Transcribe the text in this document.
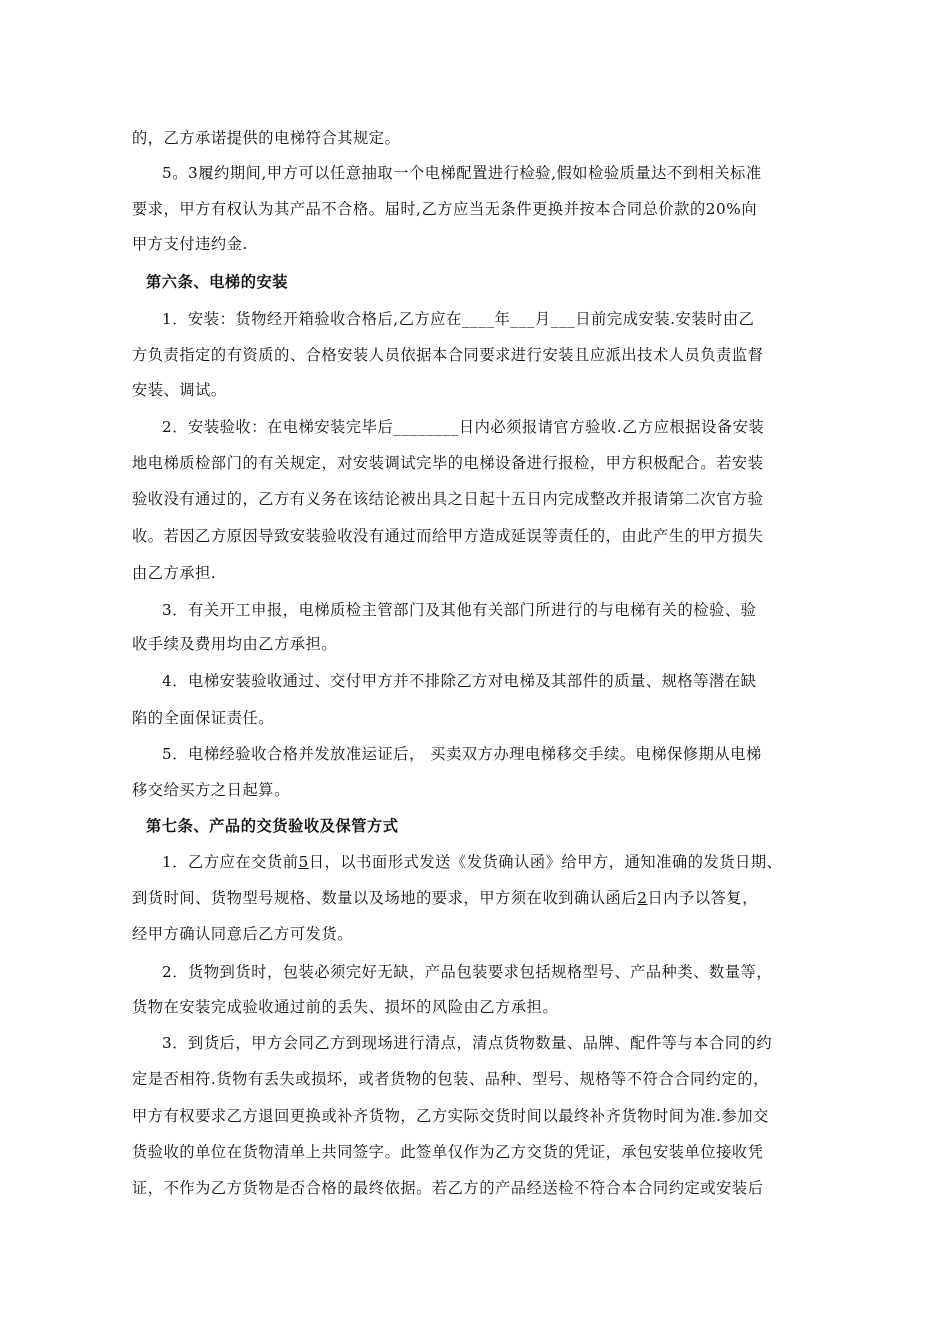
的，乙方承诺提供的电梯符合其规定。
5。3履约期间,甲方可以任意抽取一个电梯配置进行检验,假如检验质量达不到相关标准
要求，甲方有权认为其产品不合格。届时,乙方应当无条件更换并按本合同总价款的20%向
甲方支付违约金.
第六条、电梯的安装
1．安装：货物经开箱验收合格后,乙方应在____年___月___日前完成安装.安装时由乙
方负责指定的有资质的、合格安装人员依据本合同要求进行安装且应派出技术人员负责监督
安装、调试。
2．安装验收：在电梯安装完毕后________日内必须报请官方验收.乙方应根据设备安装
地电梯质检部门的有关规定，对安装调试完毕的电梯设备进行报检，甲方积极配合。若安装
验收没有通过的，乙方有义务在该结论被出具之日起十五日内完成整改并报请第二次官方验
收。若因乙方原因导致安装验收没有通过而给甲方造成延误等责任的，由此产生的甲方损失
由乙方承担.
3．有关开工申报，电梯质检主管部门及其他有关部门所进行的与电梯有关的检验、验
收手续及费用均由乙方承担。
4．电梯安装验收通过、交付甲方并不排除乙方对电梯及其部件的质量、规格等潜在缺
陷的全面保证责任。
5．电梯经验收合格并发放准运证后， 买卖双方办理电梯移交手续。电梯保修期从电梯
移交给买方之日起算。
第七条、产品的交货验收及保管方式
1．乙方应在交货前5日，以书面形式发送《发货确认函》给甲方，通知准确的发货日期、
到货时间、货物型号规格、数量以及场地的要求，甲方须在收到确认函后2日内予以答复，
经甲方确认同意后乙方可发货。
2．货物到货时，包装必须完好无缺，产品包装要求包括规格型号、产品种类、数量等，
货物在安装完成验收通过前的丢失、损坏的风险由乙方承担。
3．到货后，甲方会同乙方到现场进行清点，清点货物数量、品牌、配件等与本合同的约
定是否相符.货物有丢失或损坏，或者货物的包装、品种、型号、规格等不符合合同约定的，
甲方有权要求乙方退回更换或补齐货物，乙方实际交货时间以最终补齐货物时间为准.参加交
货验收的单位在货物清单上共同签字。此签单仅作为乙方交货的凭证，承包安装单位接收凭
证，不作为乙方货物是否合格的最终依据。若乙方的产品经送检不符合本合同约定或安装后
